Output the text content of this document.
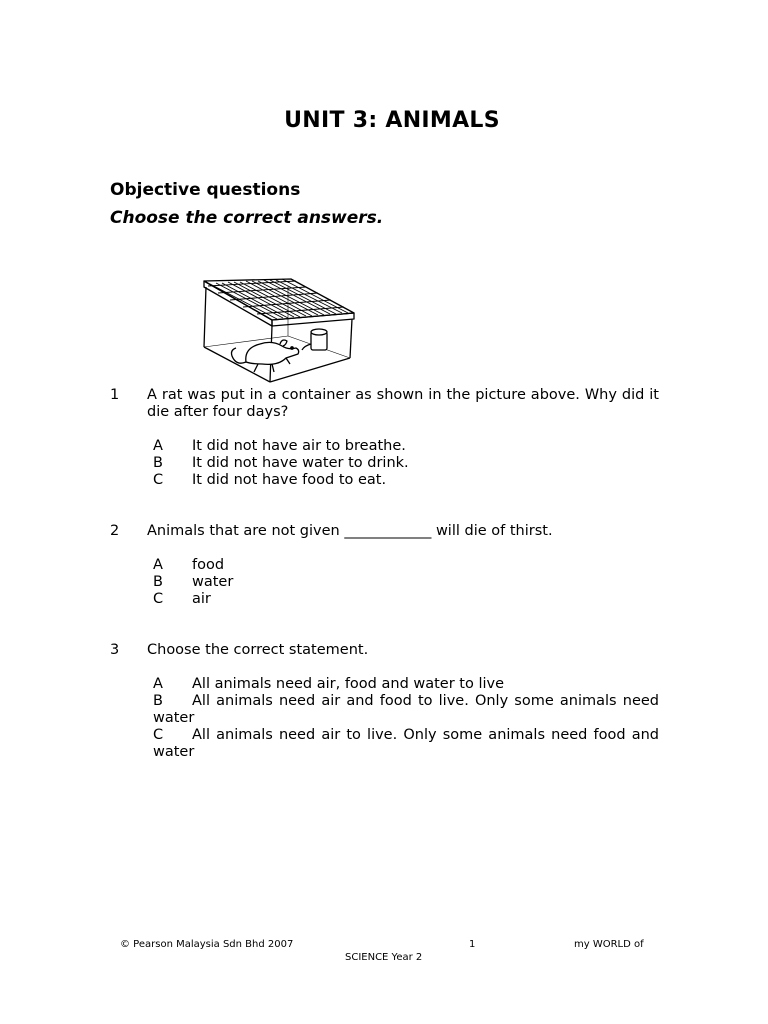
UNIT 3: ANIMALS
Objective questions
Choose the correct answers.
1 A rat was put in a container as shown in the picture above. Why did it die after four days?
A	It did not have air to breathe.
B	It did not have water to drink.
C	It did not have food to eat.
2 Animals that are not given ____________ will die of thirst.
A	food
B	water
C	air
3 Choose the correct statement.
A All animals need air, food and water to live
B All animals need air and food to live. Only some animals need water
C All animals need air to live. Only some animals need food and water
© Pearson Malaysia Sdn Bhd 2007	1	my WORLD of
SCIENCE Year 2
